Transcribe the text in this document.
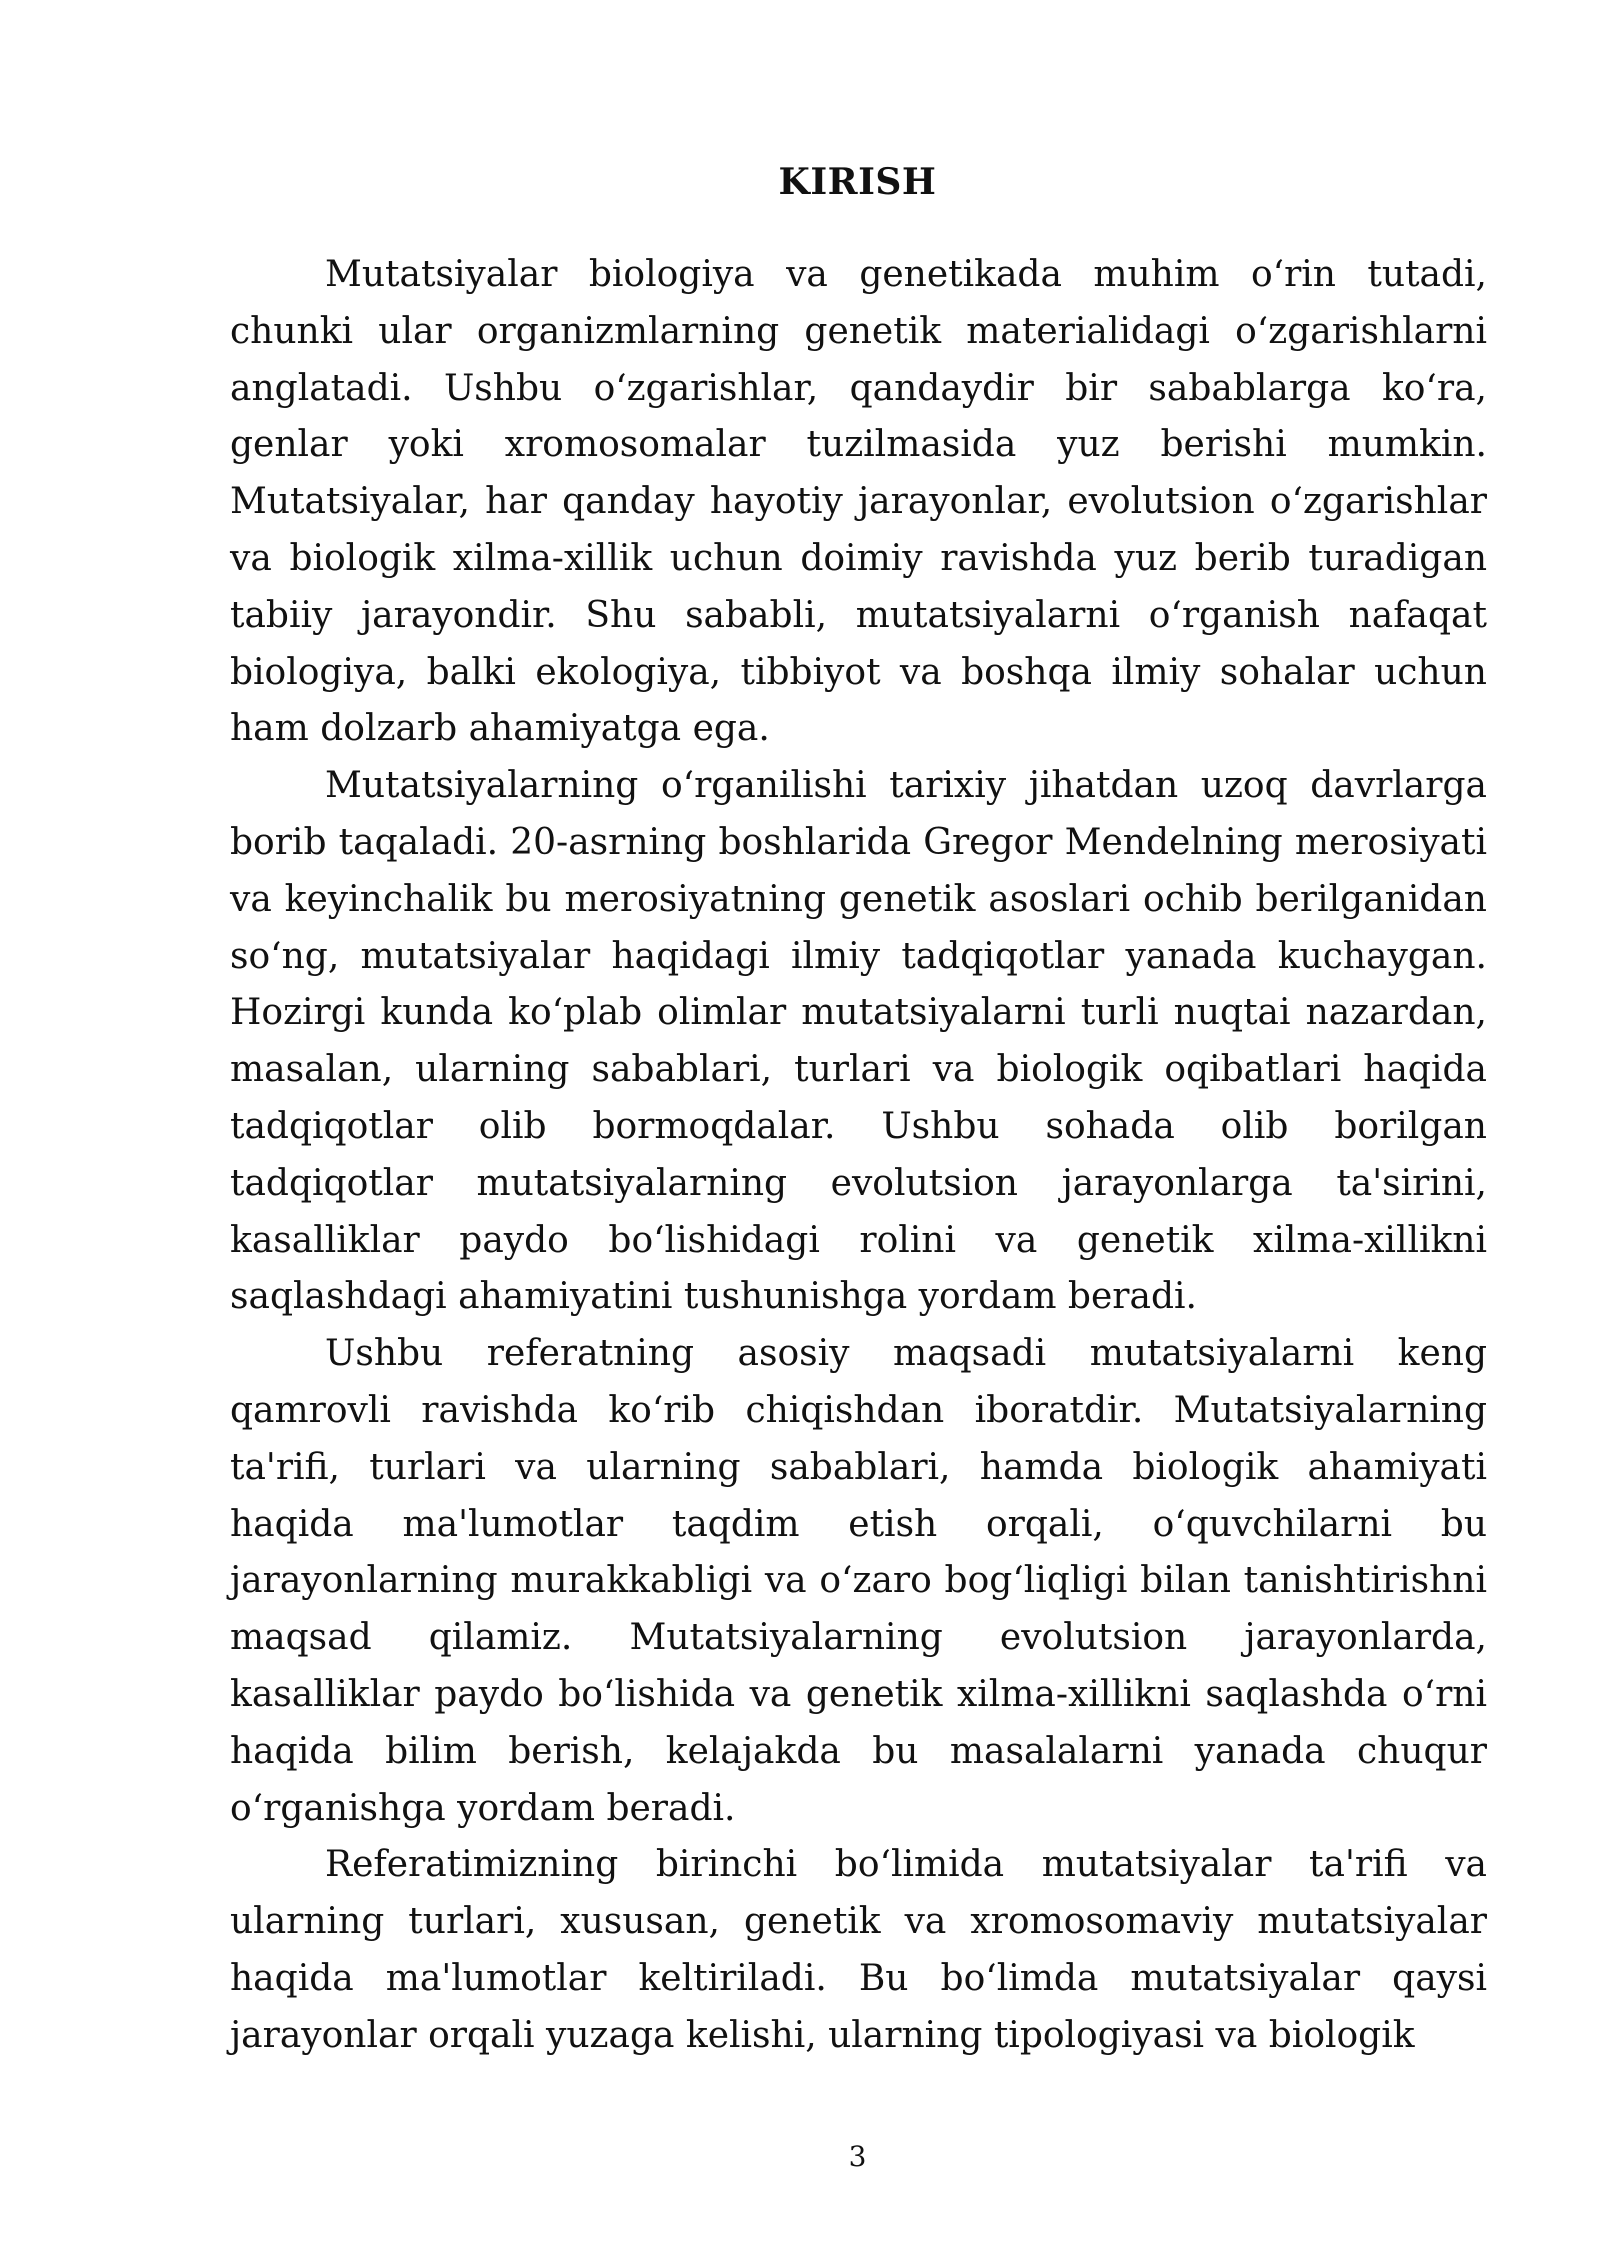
KIRISH

Mutatsiyalar biologiya va genetikada muhim oʻrin tutadi, chunki ular organizmlarning genetik materialidagi oʻzgarishlarni anglatadi. Ushbu oʻzgarishlar, qandaydir bir sabablarga koʻra, genlar yoki xromosomalar tuzilmasida yuz berishi mumkin. Mutatsiyalar, har qanday hayotiy jarayonlar, evolutsion oʻzgarishlar va biologik xilma-xillik uchun doimiy ravishda yuz berib turadigan tabiiy jarayondir. Shu sababli, mutatsiyalarni oʻrganish nafaqat biologiya, balki ekologiya, tibbiyot va boshqa ilmiy sohalar uchun ham dolzarb ahamiyatga ega.

Mutatsiyalarning oʻrganilishi tarixiy jihatdan uzoq davrlarga borib taqaladi. 20-asrning boshlarida Gregor Mendelning merosiyati va keyinchalik bu merosiyatning genetik asoslari ochib berilganidan soʻng, mutatsiyalar haqidagi ilmiy tadqiqotlar yanada kuchaygan. Hozirgi kunda koʻplab olimlar mutatsiyalarni turli nuqtai nazardan, masalan, ularning sabablari, turlari va biologik oqibatlari haqida tadqiqotlar olib bormoqdalar. Ushbu sohada olib borilgan tadqiqotlar mutatsiyalarning evolutsion jarayonlarga ta'sirini, kasalliklar paydo boʻlishidagi rolini va genetik xilma-xillikni saqlashdagi ahamiyatini tushunishga yordam beradi.

Ushbu referatning asosiy maqsadi mutatsiyalarni keng qamrovli ravishda koʻrib chiqishdan iboratdir. Mutatsiyalarning ta'rifi, turlari va ularning sabablari, hamda biologik ahamiyati haqida ma'lumotlar taqdim etish orqali, oʻquvchilarni bu jarayonlarning murakkabligi va oʻzaro bogʻliqligi bilan tanishtirishni maqsad qilamiz. Mutatsiyalarning evolutsion jarayonlarda, kasalliklar paydo boʻlishida va genetik xilma-xillikni saqlashda oʻrni haqida bilim berish, kelajakda bu masalalarni yanada chuqur oʻrganishga yordam beradi.

Referatimizning birinchi boʻlimida mutatsiyalar ta'rifi va ularning turlari, xususan, genetik va xromosomaviy mutatsiyalar haqida ma'lumotlar keltiriladi. Bu boʻlimda mutatsiyalar qaysi jarayonlar orqali yuzaga kelishi, ularning tipologiyasi va biologik

3
